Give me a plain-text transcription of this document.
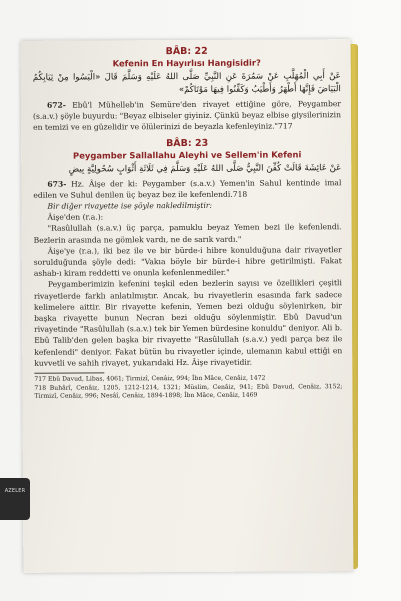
BÂB: 22
Kefenin En Hayırlısı Hangisidir?
عَنْ أَبِي الْمُهَلَّبِ عَنْ سَمُرَةَ عَنِ النَّبِيِّ صَلَّى اللهُ عَلَيْهِ وَسَلَّمَ قَالَ «الْبَسُوا مِنْ ثِيَابِكُمُ الْبَيَاضَ فَإِنَّهَا أَطْهَرُ وَأَطْيَبُ وَكَفِّنُوا فِيهَا مَوْتَاكُمْ»

672- Ebû'l Mühelleb'in Semüre'den rivayet ettiğine göre, Peygamber (s.a.v.) şöyle buyurdu: "Beyaz elbiseler giyiniz. Çünkü beyaz elbise giysilerinizin en temizi ve en güzelidir ve ölülerinizi de beyazla kefenleyiniz."717

BÂB: 23
Peygamber Sallallahu Aleyhi ve Sellem'in Kefeni
عَنْ عَائِشَةَ قَالَتْ كُفِّنَ النَّبِيُّ صَلَّى اللهُ عَلَيْهِ وَسَلَّمَ فِي ثَلَاثَةِ أَثْوَابٍ سُحُولِيَّةٍ بِيضٍ

673- Hz. Âişe der ki: Peygamber (s.a.v.) Yemen'in Sahul kentinde imal edilen ve Suhul denilen üç beyaz bez ile kefenlendi.718

Bir diğer rivayette ise şöyle nakledilmiştir:

Âişe'den (r.a.):

"Rasûlullah (s.a.v.) üç parça, pamuklu beyaz Yemen bezi ile kefenlendi. Bezlerin arasında ne gömlek vardı, ne de sarık vardı."

Âişe'ye (r.a.), iki bez ile ve bir bürde-i hibre konulduğuna dair rivayetler sorulduğunda şöyle dedi: "Vakıa böyle bir bürde-i hibre getirilmişti. Fakat ashab-ı kiram reddetti ve onunla kefenlenmediler."

Peygamberimizin kefenini teşkil eden bezlerin sayısı ve özellikleri çeşitli rivayetlerde farklı anlatılmıştır. Ancak, bu rivayetlerin esasında fark sadece kelimelere aittir. Bir rivayette kefenin, Yemen bezi olduğu söylenirken, bir başka rivayette bunun Necran bezi olduğu söylenmiştir. Ebû Davud'un rivayetinde "Rasûlullah (s.a.v.) tek bir Yemen bürdesine konuldu" deniyor. Ali b. Ebû Talib'den gelen başka bir rivayette "Rasûlullah (s.a.v.) yedi parça bez ile kefenlendi" deniyor. Fakat bütün bu rivayetler içinde, ulemanın kabul ettiği en kuvvetli ve sahih rivayet, yukarıdaki Hz. Âişe rivayetidir.

717 Ebû Davud, Libas, 4061; Tirmizî, Cenâiz, 994; İbn Mâce, Cenâiz, 1472

718 Buhârî, Cenâiz, 1205, 1212-1214, 1321; Müslim, Cenâiz, 941; Ebû Davud, Cenâiz, 3152; Tirmizî, Cenâiz, 996; Nesâî, Cenâiz, 1894-1898; İbn Mâce, Cenâiz, 1469

AZELER
